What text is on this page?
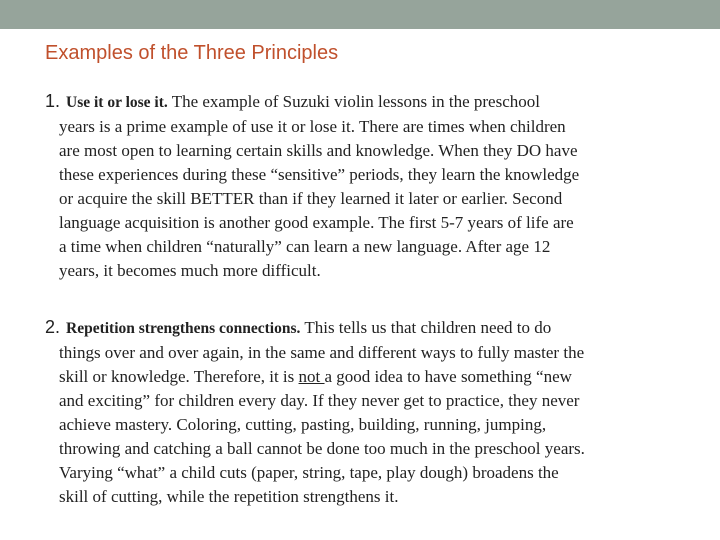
Examples of the Three Principles
1. Use it or lose it. The example of Suzuki violin lessons in the preschool
years is a prime example of use it or lose it. There are times when children
are most open to learning certain skills and knowledge. When they DO have
these experiences during these “sensitive” periods, they learn the knowledge
or acquire the skill BETTER than if they learned it later or earlier. Second
language acquisition is another good example. The first 5-7 years of life are
a time when children “naturally” can learn a new language. After age 12
years, it becomes much more difficult.
2. Repetition strengthens connections. This tells us that children need to do
things over and over again, in the same and different ways to fully master the
skill or knowledge. Therefore, it is not a good idea to have something “new
and exciting” for children every day. If they never get to practice, they never
achieve mastery. Coloring, cutting, pasting, building, running, jumping,
throwing and catching a ball cannot be done too much in the preschool years.
Varying “what” a child cuts (paper, string, tape, play dough) broadens the
skill of cutting, while the repetition strengthens it.
